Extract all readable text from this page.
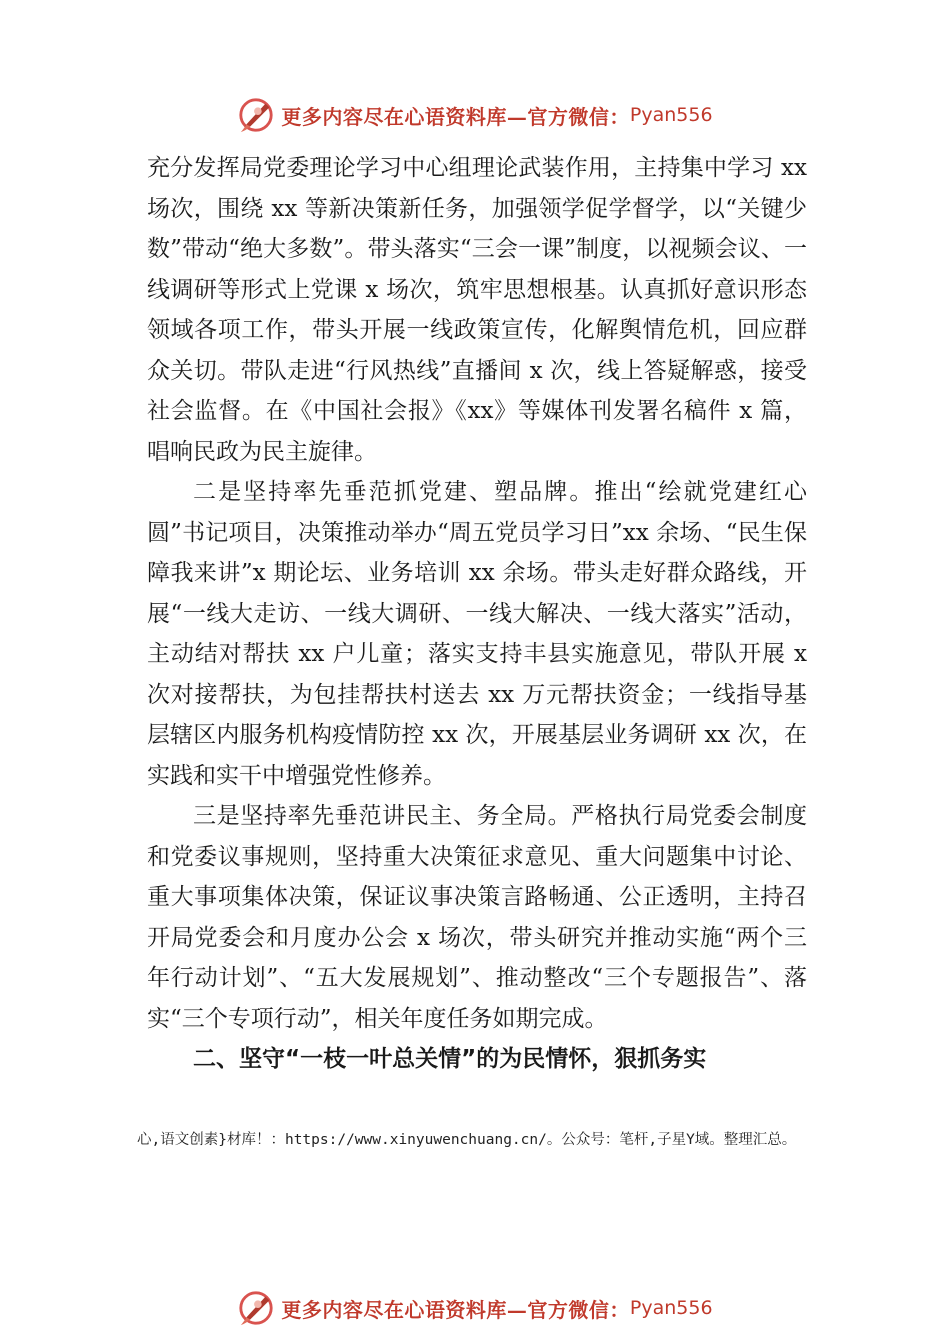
更多内容尽在心语资料库—官方微信： Pyan556

充分发挥局党委理论学习中心组理论武装作用，主持集中学习 xx 场次，围绕 xx 等新决策新任务，加强领学促学督学，以“关键少数”带动“绝大多数”。带头落实“三会一课”制度，以视频会议、一线调研等形式上党课 x 场次，筑牢思想根基。认真抓好意识形态领域各项工作，带头开展一线政策宣传，化解舆情危机，回应群众关切。带队走进“行风热线”直播间 x 次，线上答疑解惑，接受社会监督。在《中国社会报》《xx》等媒体刊发署名稿件 x 篇，唱响民政为民主旋律。

二是坚持率先垂范抓党建、塑品牌。推出“绘就党建红心圆”书记项目，决策推动举办“周五党员学习日”xx 余场、“民生保障我来讲”x 期论坛、业务培训 xx 余场。带头走好群众路线，开展“一线大走访、一线大调研、一线大解决、一线大落实”活动，主动结对帮扶 xx 户儿童；落实支持丰县实施意见，带队开展 x 次对接帮扶，为包挂帮扶村送去 xx 万元帮扶资金；一线指导基层辖区内服务机构疫情防控 xx 次，开展基层业务调研 xx 次，在实践和实干中增强党性修养。

三是坚持率先垂范讲民主、务全局。严格执行局党委会制度和党委议事规则，坚持重大决策征求意见、重大问题集中讨论、重大事项集体决策，保证议事决策言路畅通、公正透明，主持召开局党委会和月度办公会 x 场次，带头研究并推动实施“两个三年行动计划”、“五大发展规划”、推动整改“三个专题报告”、落实“三个专项行动”，相关年度任务如期完成。

二、坚守“一枝一叶总关情”的为民情怀，狠抓务实

心,语文创素}材库！：https://www.xinyuwenchuang.cn/。公众号：笔杆,子星Y域。整理汇总。
更多内容尽在心语资料库—官方微信： Pyan556
